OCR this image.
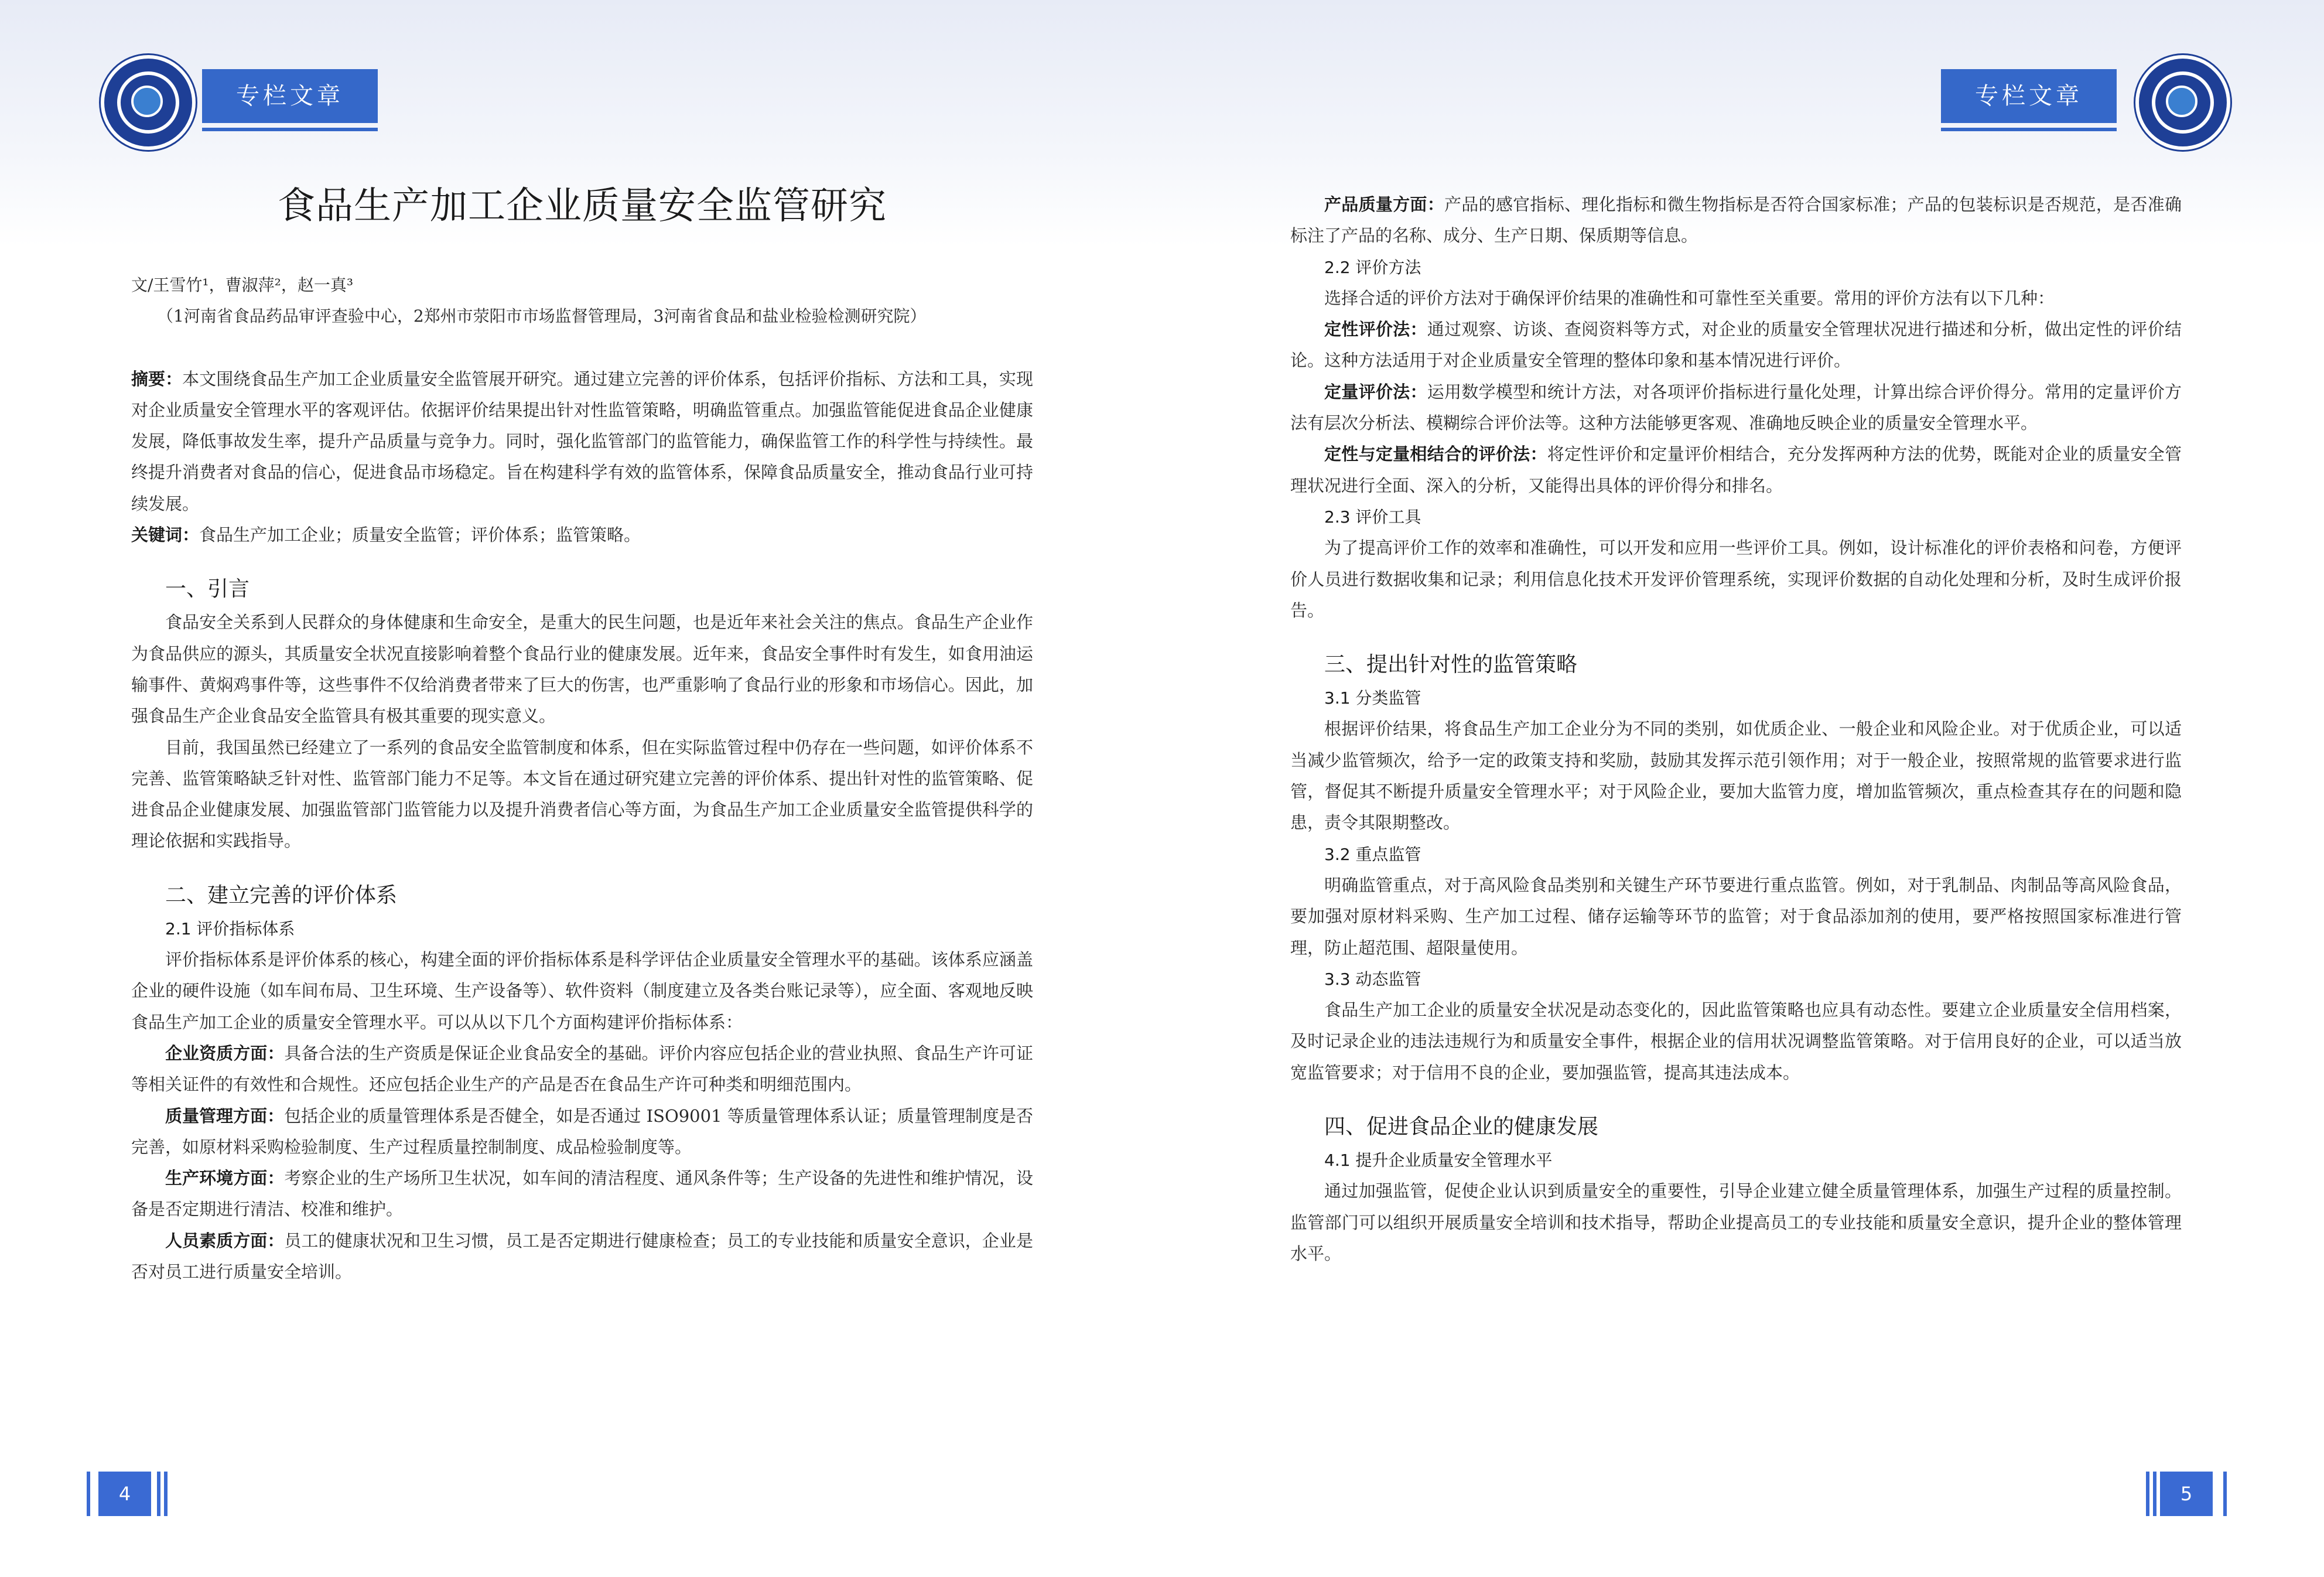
专栏文章
食品生产加工企业质量安全监管研究

文/王雪竹¹，曹淑萍²，赵一真³

（1河南省食品药品审评查验中心，2郑州市荥阳市市场监督管理局，3河南省食品和盐业检验检测研究院）

摘要：本文围绕食品生产加工企业质量安全监管展开研究。通过建立完善的评价体系，包括评价指标、方法和工具，实现对企业质量安全管理水平的客观评估。依据评价结果提出针对性监管策略，明确监管重点。加强监管能促进食品企业健康发展，降低事故发生率，提升产品质量与竞争力。同时，强化监管部门的监管能力，确保监管工作的科学性与持续性。最终提升消费者对食品的信心，促进食品市场稳定。旨在构建科学有效的监管体系，保障食品质量安全，推动食品行业可持续发展。

关键词：食品生产加工企业；质量安全监管；评价体系；监管策略。

一、引言

食品安全关系到人民群众的身体健康和生命安全，是重大的民生问题，也是近年来社会关注的焦点。食品生产企业作为食品供应的源头，其质量安全状况直接影响着整个食品行业的健康发展。近年来，食品安全事件时有发生，如食用油运输事件、黄焖鸡事件等，这些事件不仅给消费者带来了巨大的伤害，也严重影响了食品行业的形象和市场信心。因此，加强食品生产企业食品安全监管具有极其重要的现实意义。

目前，我国虽然已经建立了一系列的食品安全监管制度和体系，但在实际监管过程中仍存在一些问题，如评价体系不完善、监管策略缺乏针对性、监管部门能力不足等。本文旨在通过研究建立完善的评价体系、提出针对性的监管策略、促进食品企业健康发展、加强监管部门监管能力以及提升消费者信心等方面，为食品生产加工企业质量安全监管提供科学的理论依据和实践指导。

二、建立完善的评价体系

2.1 评价指标体系

评价指标体系是评价体系的核心，构建全面的评价指标体系是科学评估企业质量安全管理水平的基础。该体系应涵盖企业的硬件设施（如车间布局、卫生环境、生产设备等）、软件资料（制度建立及各类台账记录等），应全面、客观地反映食品生产加工企业的质量安全管理水平。可以从以下几个方面构建评价指标体系：

企业资质方面：具备合法的生产资质是保证企业食品安全的基础。评价内容应包括企业的营业执照、食品生产许可证等相关证件的有效性和合规性。还应包括企业生产的产品是否在食品生产许可种类和明细范围内。

质量管理方面：包括企业的质量管理体系是否健全，如是否通过 ISO9001 等质量管理体系认证；质量管理制度是否完善，如原材料采购检验制度、生产过程质量控制制度、成品检验制度等。

生产环境方面：考察企业的生产场所卫生状况，如车间的清洁程度、通风条件等；生产设备的先进性和维护情况，设备是否定期进行清洁、校准和维护。

人员素质方面：员工的健康状况和卫生习惯，员工是否定期进行健康检查；员工的专业技能和质量安全意识，企业是否对员工进行质量安全培训。

4
专栏文章

产品质量方面：产品的感官指标、理化指标和微生物指标是否符合国家标准；产品的包装标识是否规范，是否准确标注了产品的名称、成分、生产日期、保质期等信息。

2.2 评价方法

选择合适的评价方法对于确保评价结果的准确性和可靠性至关重要。常用的评价方法有以下几种：

定性评价法：通过观察、访谈、查阅资料等方式，对企业的质量安全管理状况进行描述和分析，做出定性的评价结论。这种方法适用于对企业质量安全管理的整体印象和基本情况进行评价。

定量评价法：运用数学模型和统计方法，对各项评价指标进行量化处理，计算出综合评价得分。常用的定量评价方法有层次分析法、模糊综合评价法等。这种方法能够更客观、准确地反映企业的质量安全管理水平。

定性与定量相结合的评价法：将定性评价和定量评价相结合，充分发挥两种方法的优势，既能对企业的质量安全管理状况进行全面、深入的分析，又能得出具体的评价得分和排名。

2.3 评价工具

为了提高评价工作的效率和准确性，可以开发和应用一些评价工具。例如，设计标准化的评价表格和问卷，方便评价人员进行数据收集和记录；利用信息化技术开发评价管理系统，实现评价数据的自动化处理和分析，及时生成评价报告。

三、提出针对性的监管策略

3.1 分类监管

根据评价结果，将食品生产加工企业分为不同的类别，如优质企业、一般企业和风险企业。对于优质企业，可以适当减少监管频次，给予一定的政策支持和奖励，鼓励其发挥示范引领作用；对于一般企业，按照常规的监管要求进行监管，督促其不断提升质量安全管理水平；对于风险企业，要加大监管力度，增加监管频次，重点检查其存在的问题和隐患，责令其限期整改。

3.2 重点监管

明确监管重点，对于高风险食品类别和关键生产环节要进行重点监管。例如，对于乳制品、肉制品等高风险食品，要加强对原材料采购、生产加工过程、储存运输等环节的监管；对于食品添加剂的使用，要严格按照国家标准进行管理，防止超范围、超限量使用。

3.3 动态监管

食品生产加工企业的质量安全状况是动态变化的，因此监管策略也应具有动态性。要建立企业质量安全信用档案，及时记录企业的违法违规行为和质量安全事件，根据企业的信用状况调整监管策略。对于信用良好的企业，可以适当放宽监管要求；对于信用不良的企业，要加强监管，提高其违法成本。

四、促进食品企业的健康发展

4.1 提升企业质量安全管理水平

通过加强监管，促使企业认识到质量安全的重要性，引导企业建立健全质量管理体系，加强生产过程的质量控制。监管部门可以组织开展质量安全培训和技术指导，帮助企业提高员工的专业技能和质量安全意识，提升企业的整体管理水平。

5
